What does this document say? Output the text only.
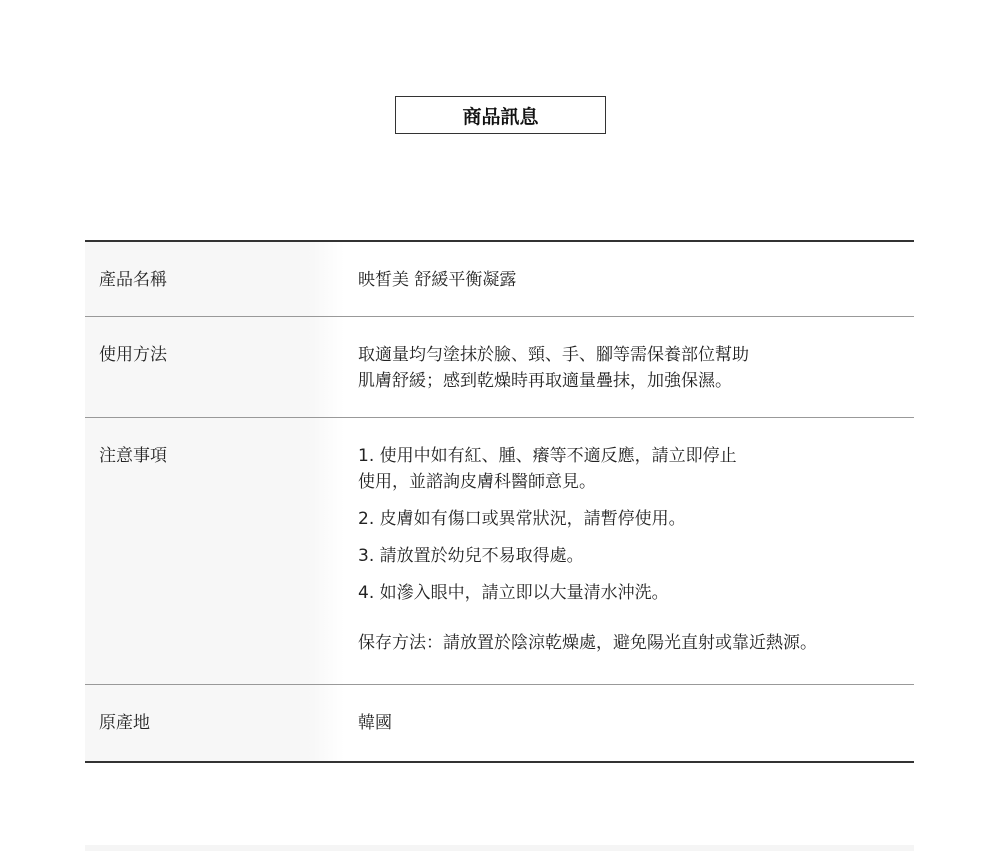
商品訊息
產品名稱	映皙美 舒緩平衡凝露
使用方法	取適量均勻塗抹於臉、頸、手、腳等需保養部位幫助
肌膚舒緩；感到乾燥時再取適量疊抹，加強保濕。
注意事項	1. 使用中如有紅、腫、癢等不適反應，請立即停止
使用，並諮詢皮膚科醫師意見。
2. 皮膚如有傷口或異常狀況，請暫停使用。
3. 請放置於幼兒不易取得處。
4. 如滲入眼中，請立即以大量清水沖洗。
保存方法：請放置於陰涼乾燥處，避免陽光直射或靠近熱源。
原產地	韓國
